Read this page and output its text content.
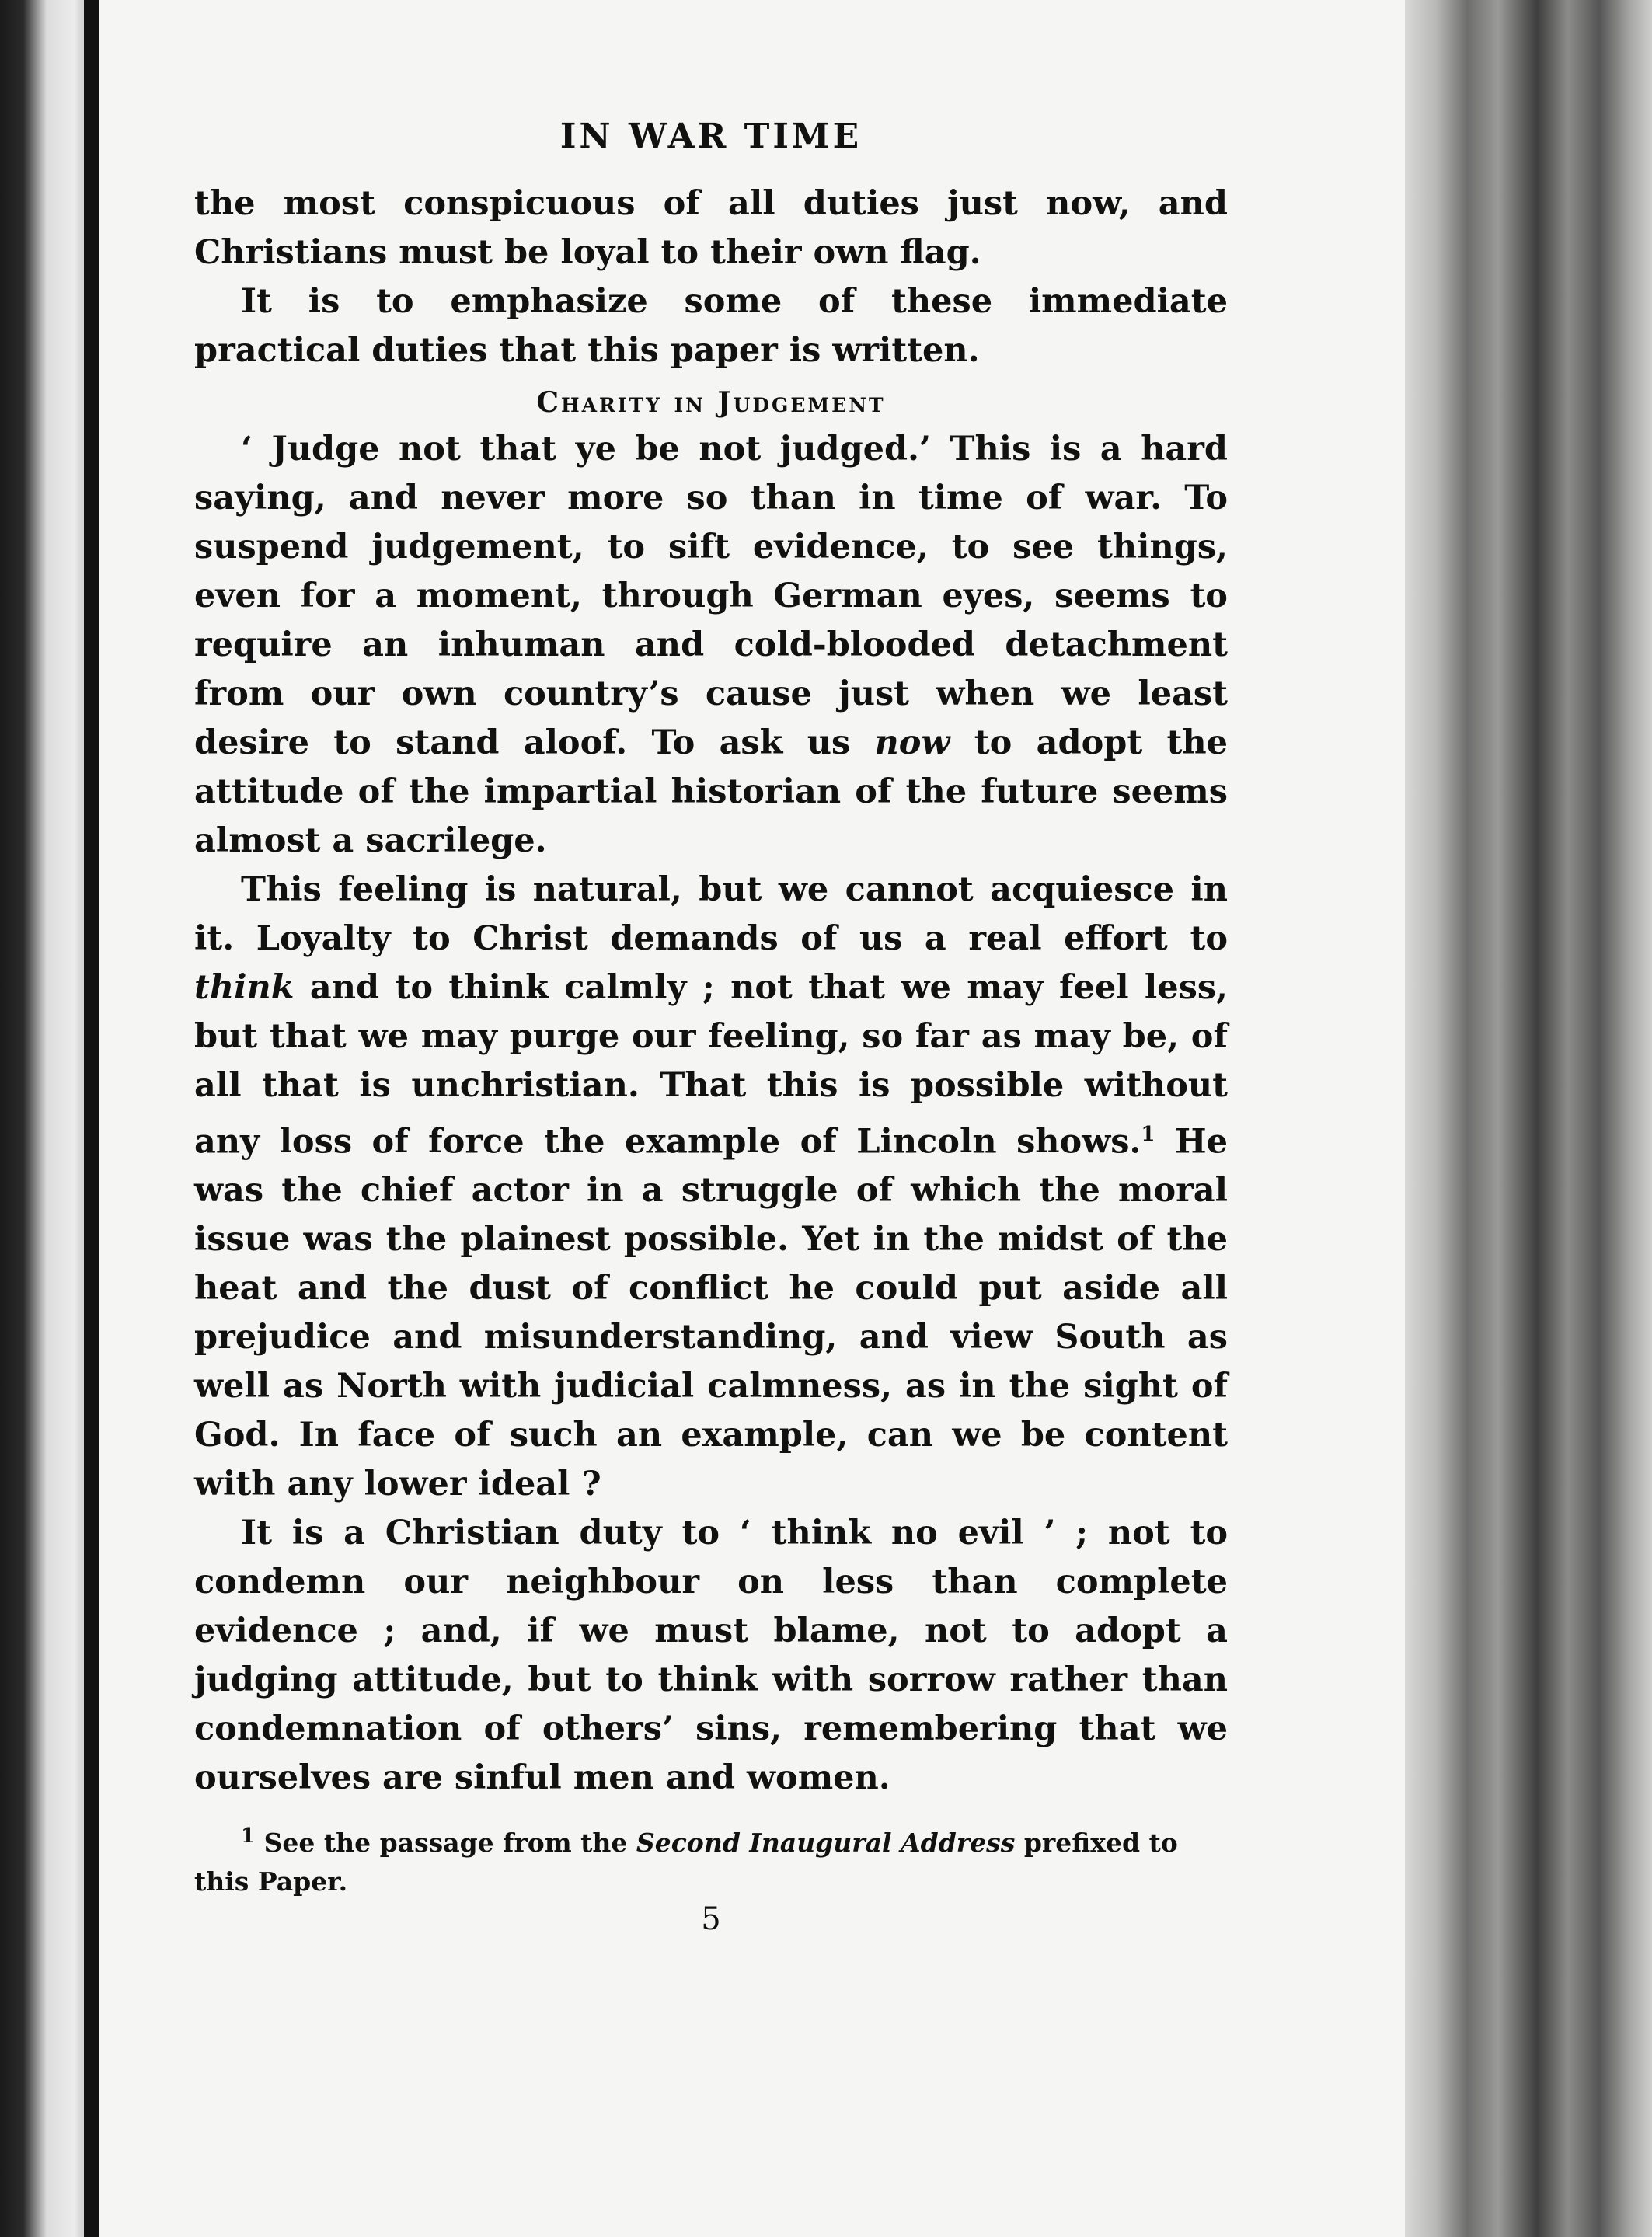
IN WAR TIME

the most conspicuous of all duties just now, and Christians must be loyal to their own flag.

It is to emphasize some of these immediate practical duties that this paper is written.

Charity in Judgement

‘ Judge not that ye be not judged.’ This is a hard saying, and never more so than in time of war. To suspend judgement, to sift evidence, to see things, even for a moment, through German eyes, seems to require an inhuman and cold-blooded detachment from our own country’s cause just when we least desire to stand aloof. To ask us now to adopt the attitude of the impartial historian of the future seems almost a sacrilege.

This feeling is natural, but we cannot acquiesce in it. Loyalty to Christ demands of us a real effort to think and to think calmly ; not that we may feel less, but that we may purge our feeling, so far as may be, of all that is unchristian. That this is possible without any loss of force the example of Lincoln shows.$^1$ He was the chief actor in a struggle of which the moral issue was the plainest possible. Yet in the midst of the heat and the dust of conflict he could put aside all prejudice and misunderstanding, and view South as well as North with judicial calmness, as in the sight of God. In face of such an example, can we be content with any lower ideal ?

It is a Christian duty to ‘ think no evil ’ ; not to condemn our neighbour on less than complete evidence ; and, if we must blame, not to adopt a judging attitude, but to think with sorrow rather than condemnation of others’ sins, remembering that we ourselves are sinful men and women.

$^1$ See the passage from the Second Inaugural Address prefixed to this Paper.

5
